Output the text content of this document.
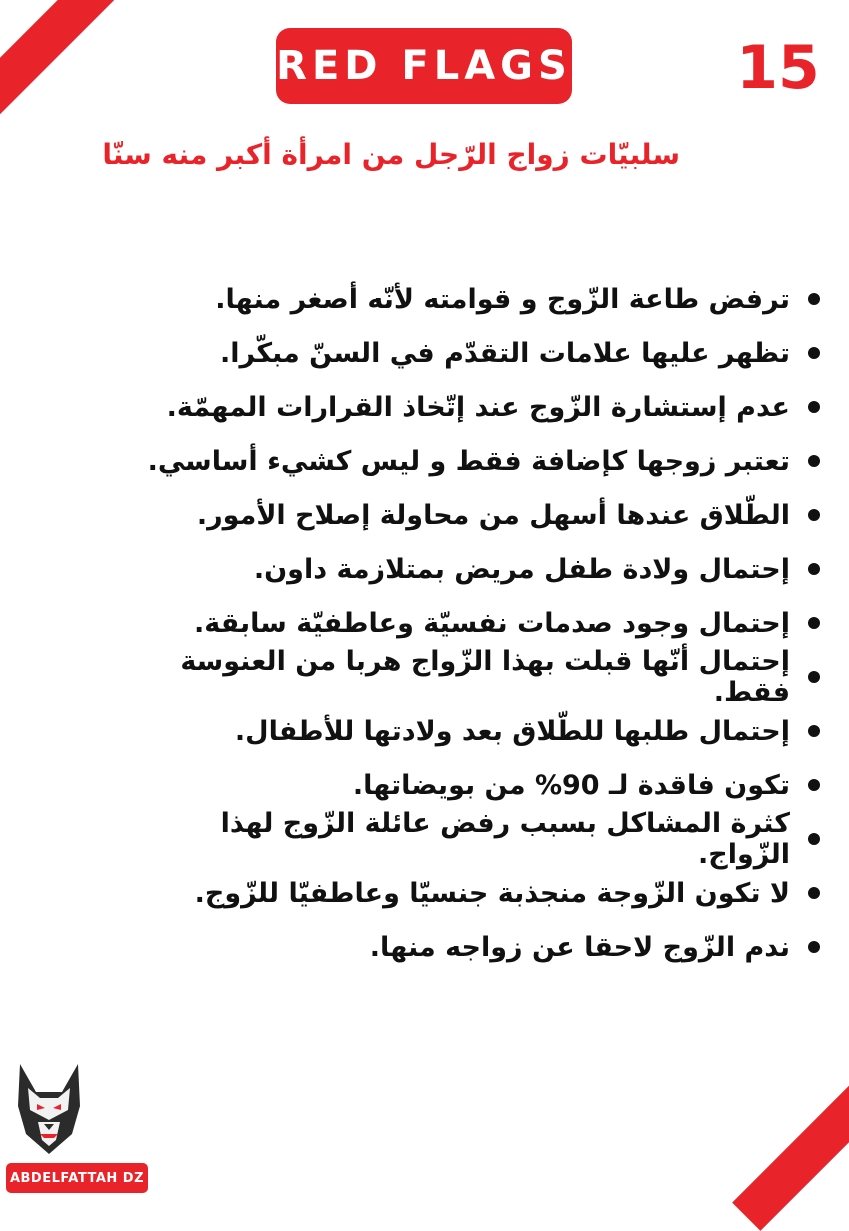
RED FLAGS	15
سلبيّات زواج الرّجل من امرأة أكبر منه سنّا
ترفض طاعة الزّوج و قوامته لأنّه أصغر منها.
تظهر عليها علامات التقدّم في السنّ مبكّرا.
عدم إستشارة الزّوج عند إتّخاذ القرارات المهمّة.
تعتبر زوجها كإضافة فقط و ليس كشيء أساسي.
الطّلاق عندها أسهل من محاولة إصلاح الأمور.
إحتمال ولادة طفل مريض بمتلازمة داون.
إحتمال وجود صدمات نفسيّة وعاطفيّة سابقة.
إحتمال أنّها قبلت بهذا الزّواج هربا من العنوسة فقط.
إحتمال طلبها للطّلاق بعد ولادتها للأطفال.
تكون فاقدة لـ 90% من بويضاتها.
كثرة المشاكل بسبب رفض عائلة الزّوج لهذا الزّواج.
لا تكون الزّوجة منجذبة جنسيّا وعاطفيّا للزّوج.
ندم الزّوج لاحقا عن زواجه منها.
ABDELFATTAH DZ
